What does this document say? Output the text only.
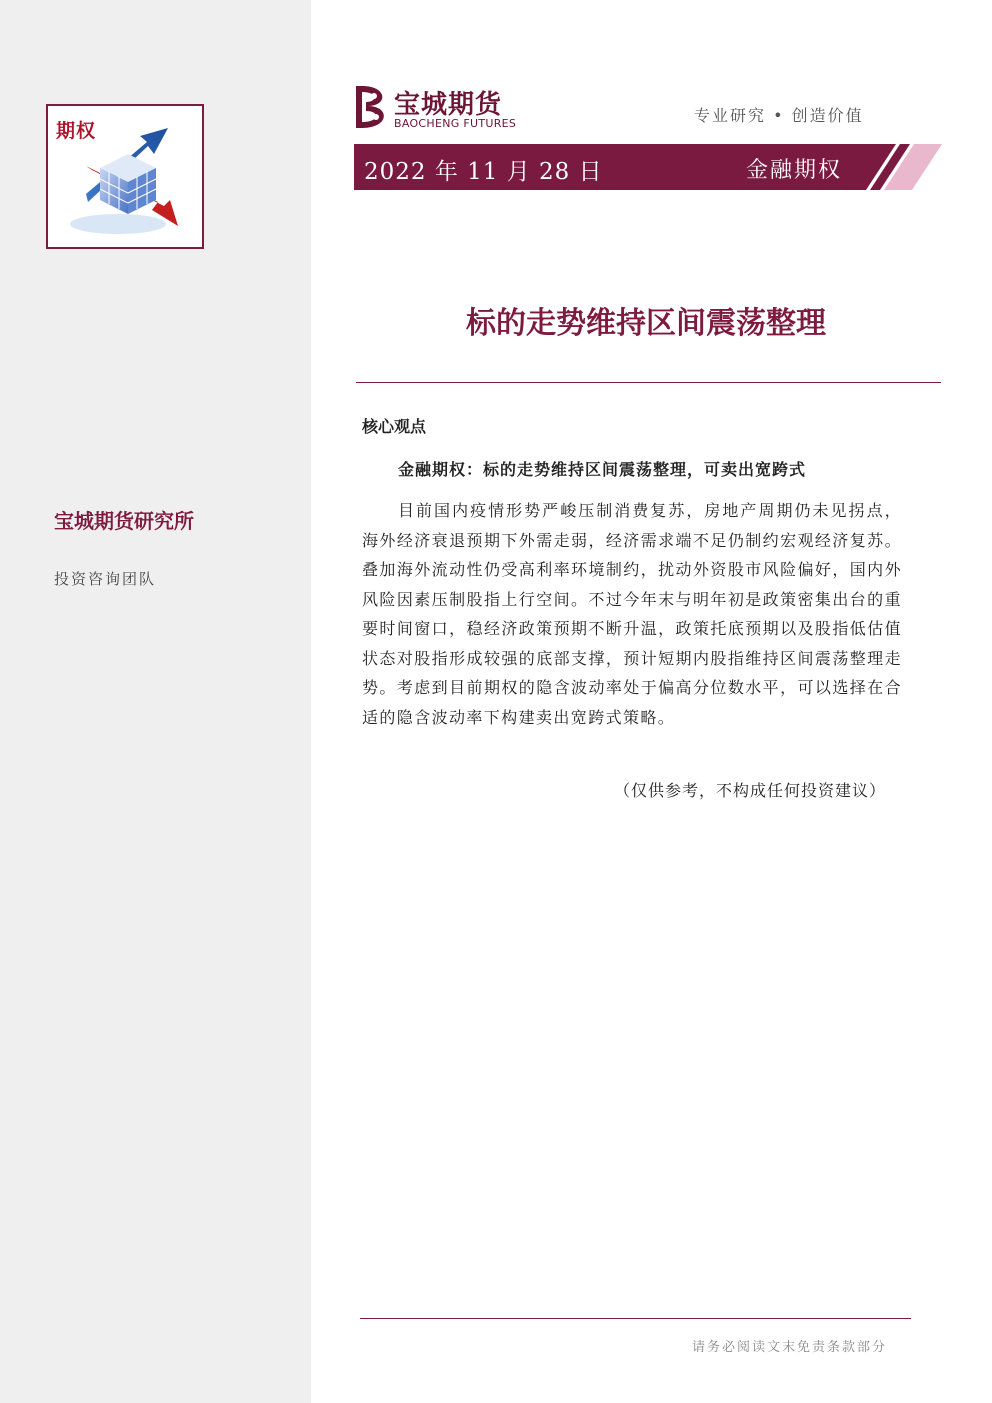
期权
宝城期货研究所
投资咨询团队
宝城期货
BAOCHENG FUTURES	专业研究 • 创造价值
2022 年 11 月 28 日	金融期权
标的走势维持区间震荡整理
核心观点
金融期权：标的走势维持区间震荡整理，可卖出宽跨式
目前国内疫情形势严峻压制消费复苏，房地产周期仍未见拐点，海外经济衰退预期下外需走弱，经济需求端不足仍制约宏观经济复苏。叠加海外流动性仍受高利率环境制约，扰动外资股市风险偏好，国内外风险因素压制股指上行空间。不过今年末与明年初是政策密集出台的重要时间窗口，稳经济政策预期不断升温，政策托底预期以及股指低估值状态对股指形成较强的底部支撑，预计短期内股指维持区间震荡整理走势。考虑到目前期权的隐含波动率处于偏高分位数水平，可以选择在合适的隐含波动率下构建卖出宽跨式策略。
（仅供参考，不构成任何投资建议）
请务必阅读文末免责条款部分
